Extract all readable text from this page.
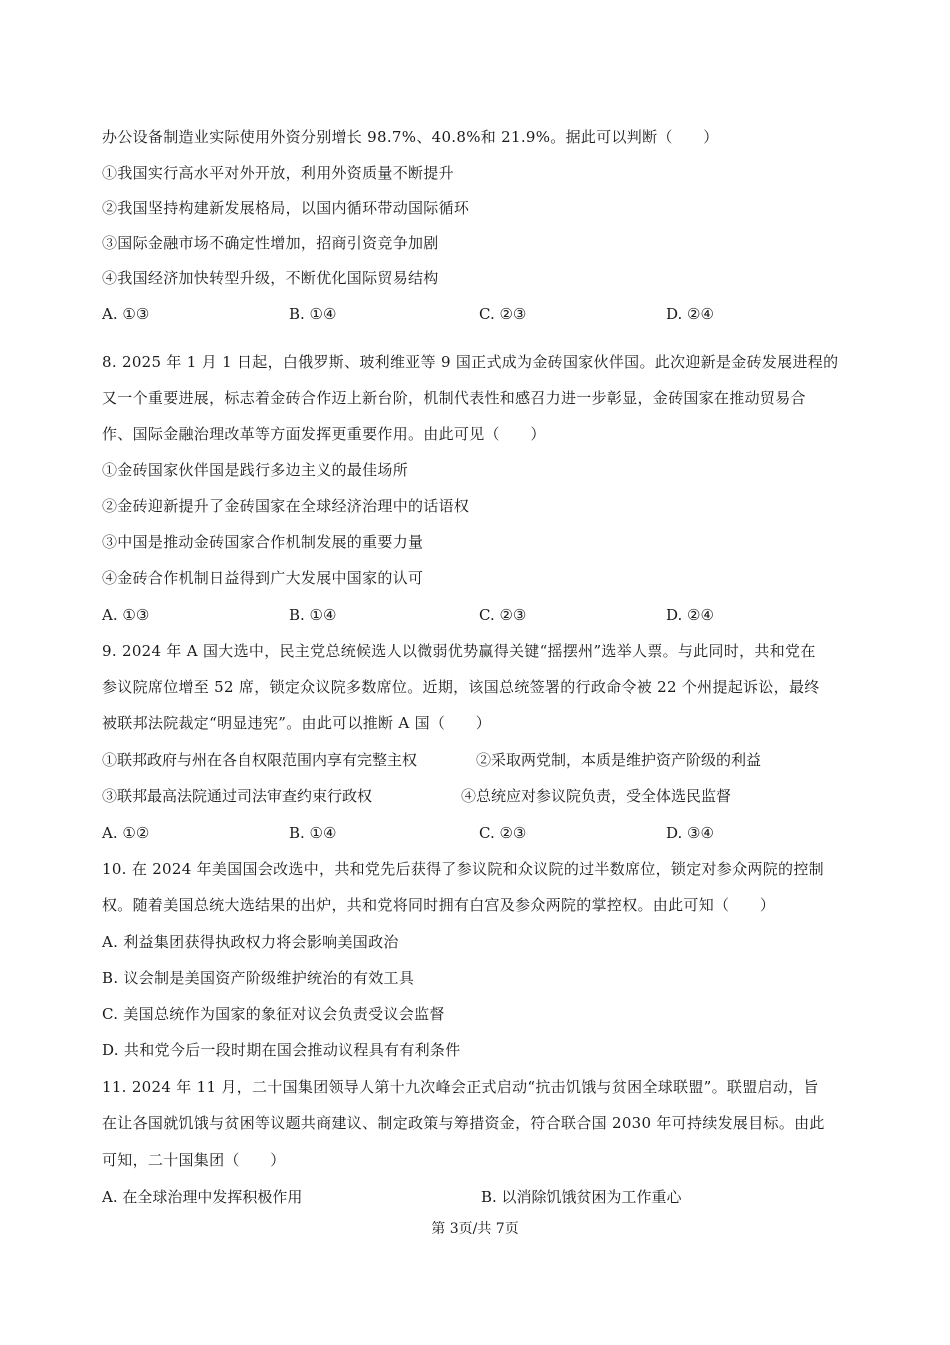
办公设备制造业实际使用外资分别增长 98.7%、40.8%和 21.9%。据此可以判断（　　）
①我国实行高水平对外开放，利用外资质量不断提升
②我国坚持构建新发展格局，以国内循环带动国际循环
③国际金融市场不确定性增加，招商引资竞争加剧
④我国经济加快转型升级，不断优化国际贸易结构
A. ①③	B. ①④	C. ②③	D. ②④
8. 2025 年 1 月 1 日起，白俄罗斯、玻利维亚等 9 国正式成为金砖国家伙伴国。此次迎新是金砖发展进程的
又一个重要进展，标志着金砖合作迈上新台阶，机制代表性和感召力进一步彰显，金砖国家在推动贸易合
作、国际金融治理改革等方面发挥更重要作用。由此可见（　　）
①金砖国家伙伴国是践行多边主义的最佳场所
②金砖迎新提升了金砖国家在全球经济治理中的话语权
③中国是推动金砖国家合作机制发展的重要力量
④金砖合作机制日益得到广大发展中国家的认可
A. ①③	B. ①④	C. ②③	D. ②④
9. 2024 年 A 国大选中，民主党总统候选人以微弱优势赢得关键“摇摆州”选举人票。与此同时，共和党在
参议院席位增至 52 席，锁定众议院多数席位。近期，该国总统签署的行政命令被 22 个州提起诉讼，最终
被联邦法院裁定“明显违宪”。由此可以推断 A 国（　　）
①联邦政府与州在各自权限范围内享有完整主权	②采取两党制，本质是维护资产阶级的利益
③联邦最高法院通过司法审查约束行政权	④总统应对参议院负责，受全体选民监督
A. ①②	B. ①④	C. ②③	D. ③④
10. 在 2024 年美国国会改选中，共和党先后获得了参议院和众议院的过半数席位，锁定对参众两院的控制
权。随着美国总统大选结果的出炉，共和党将同时拥有白宫及参众两院的掌控权。由此可知（　　）
A. 利益集团获得执政权力将会影响美国政治
B. 议会制是美国资产阶级维护统治的有效工具
C. 美国总统作为国家的象征对议会负责受议会监督
D. 共和党今后一段时期在国会推动议程具有有利条件
11. 2024 年 11 月，二十国集团领导人第十九次峰会正式启动“抗击饥饿与贫困全球联盟”。联盟启动，旨
在让各国就饥饿与贫困等议题共商建议、制定政策与筹措资金，符合联合国 2030 年可持续发展目标。由此
可知，二十国集团（　　）
A. 在全球治理中发挥积极作用	B. 以消除饥饿贫困为工作重心
第 3页/共 7页
